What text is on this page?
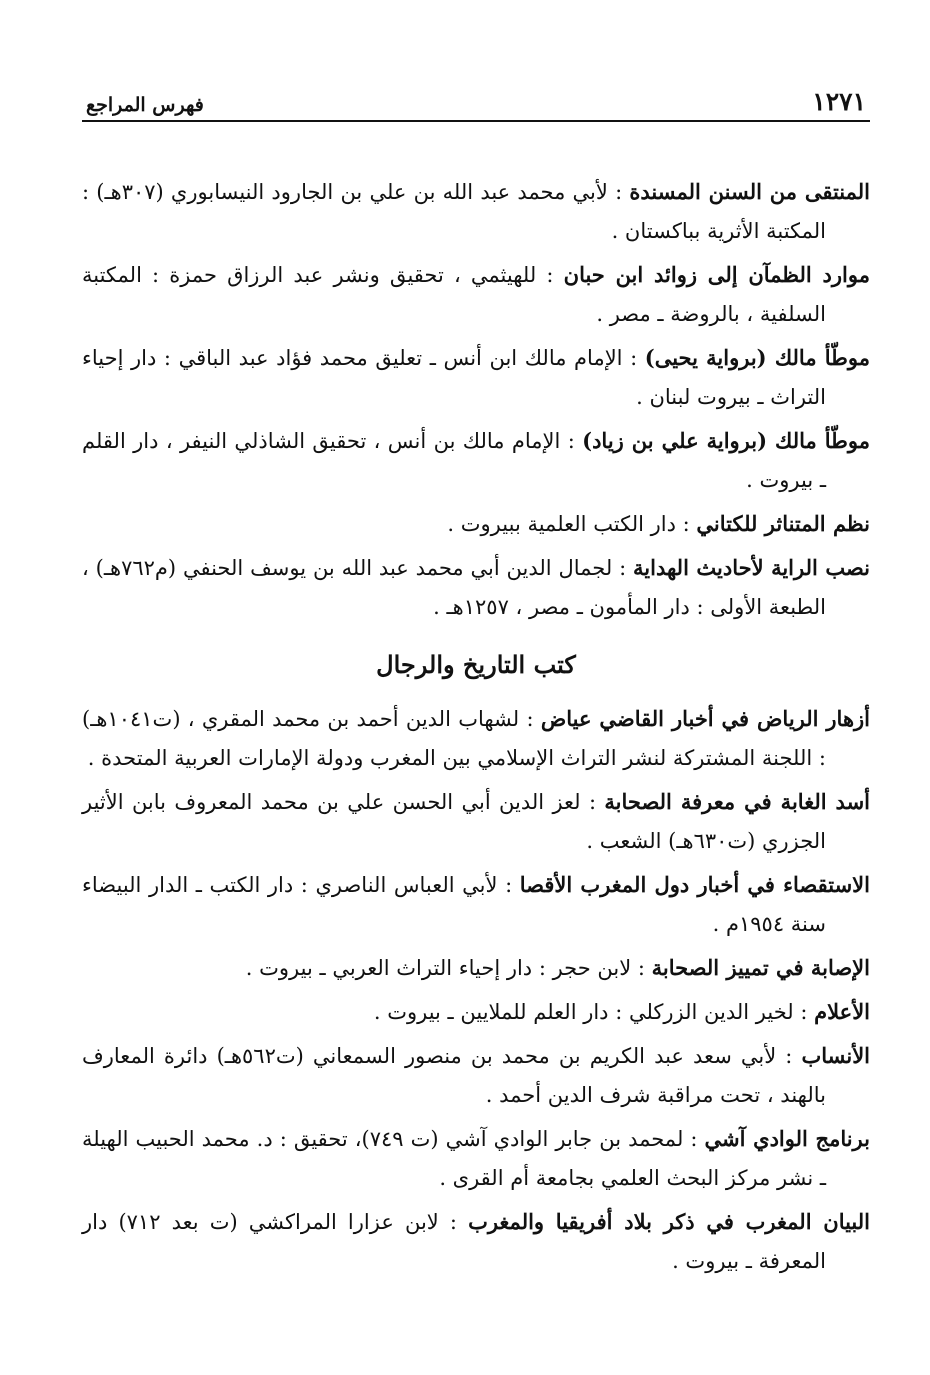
١٢٧١
فهرس المراجع

المنتقى من السنن المسندة : لأبي محمد عبد الله بن علي بن الجارود النيسابوري (٣٠٧هـ) : المكتبة الأثرية بباكستان .

موارد الظمآن إلى زوائد ابن حبان : للهيثمي ، تحقيق ونشر عبد الرزاق حمزة : المكتبة السلفية ، بالروضة ـ مصر .

موطّأ مالك (برواية يحيى) : الإمام مالك ابن أنس ـ تعليق محمد فؤاد عبد الباقي : دار إحياء التراث ـ بيروت لبنان .

موطّأ مالك (برواية علي بن زياد) : الإمام مالك بن أنس ، تحقيق الشاذلي النيفر ، دار القلم ـ بيروت .

نظم المتناثر للكتاني : دار الكتب العلمية ببيروت .

نصب الراية لأحاديث الهداية : لجمال الدين أبي محمد عبد الله بن يوسف الحنفي (م٧٦٢هـ) ، الطبعة الأولى : دار المأمون ـ مصر ، ١٢٥٧هـ .

كتب التاريخ والرجال

أزهار الرياض في أخبار القاضي عياض : لشهاب الدين أحمد بن محمد المقري ، (ت١٠٤١هـ) : اللجنة المشتركة لنشر التراث الإسلامي بين المغرب ودولة الإمارات العربية المتحدة .

أسد الغابة في معرفة الصحابة : لعز الدين أبي الحسن علي بن محمد المعروف بابن الأثير الجزري (ت٦٣٠هـ) الشعب .

الاستقصاء في أخبار دول المغرب الأقصا : لأبي العباس الناصري : دار الكتب ـ الدار البيضاء سنة ١٩٥٤م .

الإصابة في تمييز الصحابة : لابن حجر : دار إحياء التراث العربي ـ بيروت .

الأعلام : لخير الدين الزركلي : دار العلم للملايين ـ بيروت .

الأنساب : لأبي سعد عبد الكريم بن محمد بن منصور السمعاني (ت٥٦٢هـ) دائرة المعارف بالهند ، تحت مراقبة شرف الدين أحمد .

برنامج الوادي آشي : لمحمد بن جابر الوادي آشي (ت ٧٤٩)، تحقيق : د. محمد الحبيب الهيلة ـ نشر مركز البحث العلمي بجامعة أم القرى .

البيان المغرب في ذكر بلاد أفريقيا والمغرب : لابن عزارا المراكشي (ت بعد ٧١٢) دار المعرفة ـ بيروت .
